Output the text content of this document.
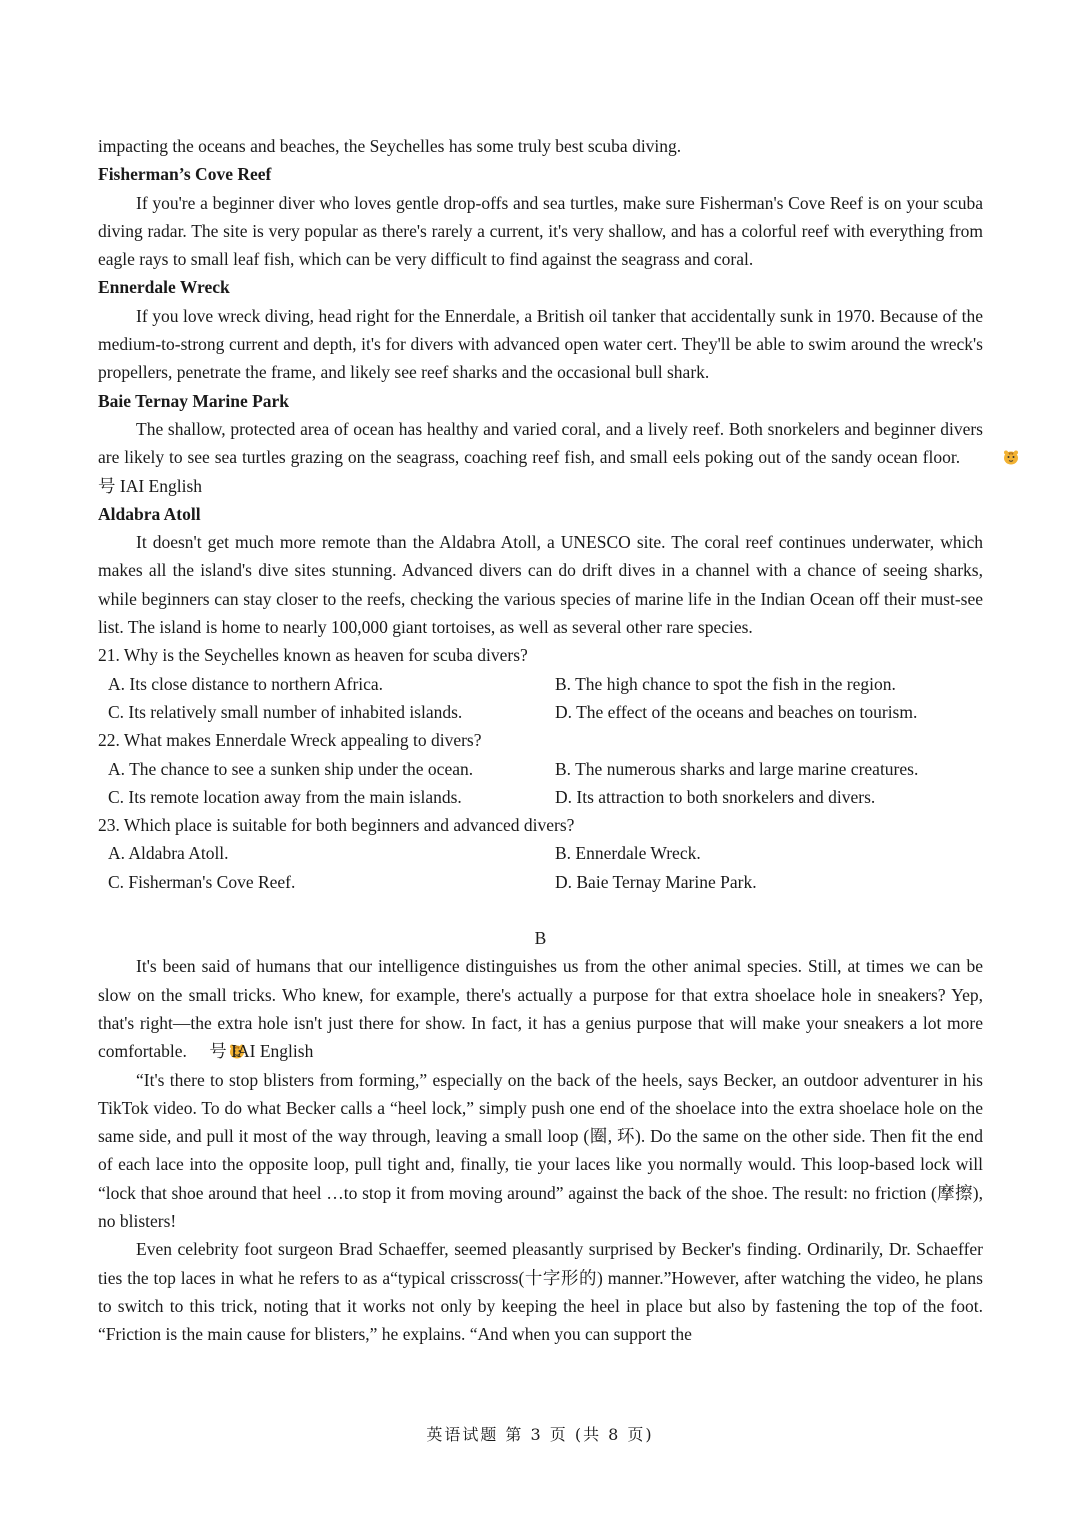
impacting the oceans and beaches, the Seychelles has some truly best scuba diving.

Fisherman’s Cove Reef

If you're a beginner diver who loves gentle drop-offs and sea turtles, make sure Fisherman's Cove Reef is on your scuba diving radar. The site is very popular as there's rarely a current, it's very shallow, and has a colorful reef with everything from eagle rays to small leaf fish, which can be very difficult to find against the seagrass and coral.

Ennerdale Wreck

If you love wreck diving, head right for the Ennerdale, a British oil tanker that accidentally sunk in 1970. Because of the medium-to-strong current and depth, it's for divers with advanced open water cert. They'll be able to swim around the wreck's propellers, penetrate the frame, and likely see reef sharks and the occasional bull shark.

Baie Ternay Marine Park

The shallow, protected area of ocean has healthy and varied coral, and a lively reef. Both snorkelers and beginner divers are likely to see sea turtles grazing on the seagrass, coaching reef fish, and small eels poking out of the sandy ocean floor. 号 IAI English

Aldabra Atoll

It doesn't get much more remote than the Aldabra Atoll, a UNESCO site. The coral reef continues underwater, which makes all the island's dive sites stunning. Advanced divers can do drift dives in a channel with a chance of seeing sharks, while beginners can stay closer to the reefs, checking the various species of marine life in the Indian Ocean off their must-see list. The island is home to nearly 100,000 giant tortoises, as well as several other rare species.

21. Why is the Seychelles known as heaven for scuba divers?

A. Its close distance to northern Africa.	B. The high chance to spot the fish in the region.
C. Its relatively small number of inhabited islands.	D. The effect of the oceans and beaches on tourism.

22. What makes Ennerdale Wreck appealing to divers?

A. The chance to see a sunken ship under the ocean.	B. The numerous sharks and large marine creatures.
C. Its remote location away from the main islands.	D. Its attraction to both snorkelers and divers.

23. Which place is suitable for both beginners and advanced divers?

A. Aldabra Atoll.	B. Ennerdale Wreck.
C. Fisherman's Cove Reef.	D. Baie Ternay Marine Park.

B

It's been said of humans that our intelligence distinguishes us from the other animal species. Still, at times we can be slow on the small tricks. Who knew, for example, there's actually a purpose for that extra shoelace hole in sneakers? Yep, that's right—the extra hole isn't just there for show. In fact, it has a genius purpose that will make your sneakers a lot more comfortable. 号 IAI English

“It's there to stop blisters from forming,” especially on the back of the heels, says Becker, an outdoor adventurer in his TikTok video. To do what Becker calls a “heel lock,” simply push one end of the shoelace into the extra shoelace hole on the same side, and pull it most of the way through, leaving a small loop (圈, 环). Do the same on the other side. Then fit the end of each lace into the opposite loop, pull tight and, finally, tie your laces like you normally would. This loop-based lock will “lock that shoe around that heel …to stop it from moving around” against the back of the shoe. The result: no friction (摩擦), no blisters!

Even celebrity foot surgeon Brad Schaeffer, seemed pleasantly surprised by Becker's finding. Ordinarily, Dr. Schaeffer ties the top laces in what he refers to as a“typical crisscross(十字形的) manner.”However, after watching the video, he plans to switch to this trick, noting that it works not only by keeping the heel in place but also by fastening the top of the foot. “Friction is the main cause for blisters,” he explains. “And when you can support the

英语试题 第 3 页 (共 8 页)
